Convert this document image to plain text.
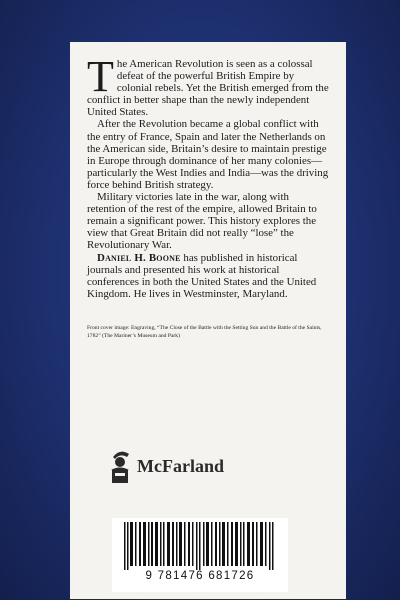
The American Revolution is seen as a colossal defeat of the powerful British Empire by colonial rebels. Yet the British emerged from the conflict in better shape than the newly independent United States.

After the Revolution became a global conflict with the entry of France, Spain and later the Netherlands on the American side, Britain’s desire to maintain prestige in Europe through dominance of her many colonies—particularly the West Indies and India—was the driving force behind British strategy.

Military victories late in the war, along with retention of the rest of the empire, allowed Britain to remain a significant power. This history explores the view that Great Britain did not really “lose” the Revolutionary War.

Daniel H. Boone has published in historical journals and presented his work at historical conferences in both the United States and the United Kingdom. He lives in Westminster, Maryland.

Front cover image: Engraving, “The Close of the Battle with the Setting Sun and the Battle of the Saints, 1782” (The Mariner’s Museum and Park)

McFarland
9 781476 681726
